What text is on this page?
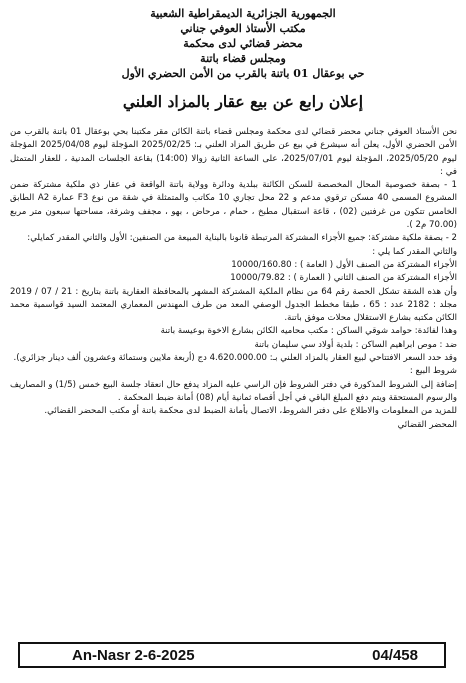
الجمهورية الجزائرية الديمقراطية الشعبية
مكتب الأستاذ العوفي جناني
محضر قضائي لدى محكمة
ومجلس قضاء باتنة
حي بوعقال 01 باتنة بالقرب من الأمن الحضري الأول
إعلان رابع عن بيع عقار بالمزاد العلني

نحن الأستاذ العوفي جناني محضر قضائي لدى محكمة ومجلس قضاء باتنة الكائن مقر مكتبنا بحي بوعقال 01 باتنة بالقرب من الأمن الحضري الأول، يعلن أنه سيشرع في بيع عن طريق المزاد العلني بـ: 2025/02/25 المؤجلة ليوم 2025/04/08 المؤجلة ليوم 2025/05/20، المؤجلة ليوم 2025/07/01، على الساعة الثانية زوالا (14:00) بقاعة الجلسات المدنية ، للعقار المتمثل في :

1 - بصفة خصوصية المحال المخصصة للسكن الكائنة ببلدية ودائرة وولاية باتنة الواقعة في عقار ذي ملكية مشتركة ضمن المشروع المسمى 40 مسكن ترقوي مدعم و 22 محل تجاري 10 مكاتب والمتمثلة في شقة من نوع F3 عمارة A2 الطابق الخامس تتكون من غرفتين (02) ، قاعة استقبال مطبخ ، حمام ، مرحاض ، بهو ، مجفف وشرفة، مساحتها سبعون متر مربع (70.00 م2 ).

2 - بصفة ملكية مشتركة: جميع الأجزاء المشتركة المرتبطة قانونا بالبناية المبيعة من الصنفين: الأول والثاني المقدر كمايلي:

والثاني المقدر كما يلي :

الأجزاء المشتركة من الصنف الأول ( العامة ) : 10000/160.80

الأجزاء المشتركة من الصنف الثاني ( العمارة ) : 10000/79.82

وأن هذه الشقة تشكل الحصة رقم 64 من نظام الملكية المشتركة المشهر بالمحافظة العقارية باتنة بتاريخ : 21 / 07 / 2019 مجلد : 2182 عدد : 65 ، طبقا مخطط الجدول الوصفي المعد من طرف المهندس المعماري المعتمد السيد قواسمية محمد الكائن مكتبه بشارع الاستقلال محلات موفق باتنة.

وهذا لفائدة: حوامد شوقي الساكن : مكتب محاميه الكائن بشارع الاخوة بوعيسة باتنة

ضد : موص ابراهيم الساكن : بلدية أولاد سي سليمان باتنة

وقد حدد السعر الافتتاحي لبيع العقار بالمزاد العلني بـ: 4.620.000.00 دج (أربعة ملايين وستمائة وعشرون ألف دينار جزائري).

شروط البيع :

إضافة إلى الشروط المذكورة في دفتر الشروط فإن الراسي عليه المزاد يدفع حال انعقاد جلسة البيع خمس (1/5) و المصاريف والرسوم المستحقة ويتم دفع المبلغ الباقي في أجل أقصاه ثمانية أيام (08) أمانة ضبط المحكمة .

للمزيد من المعلومات والاطلاع على دفتر الشروط، الاتصال بأمانة الضبط لدى محكمة باتنة أو مكتب المحضر القضائي.

المحضر القضائي

04/458
An-Nasr 2-6-2025
